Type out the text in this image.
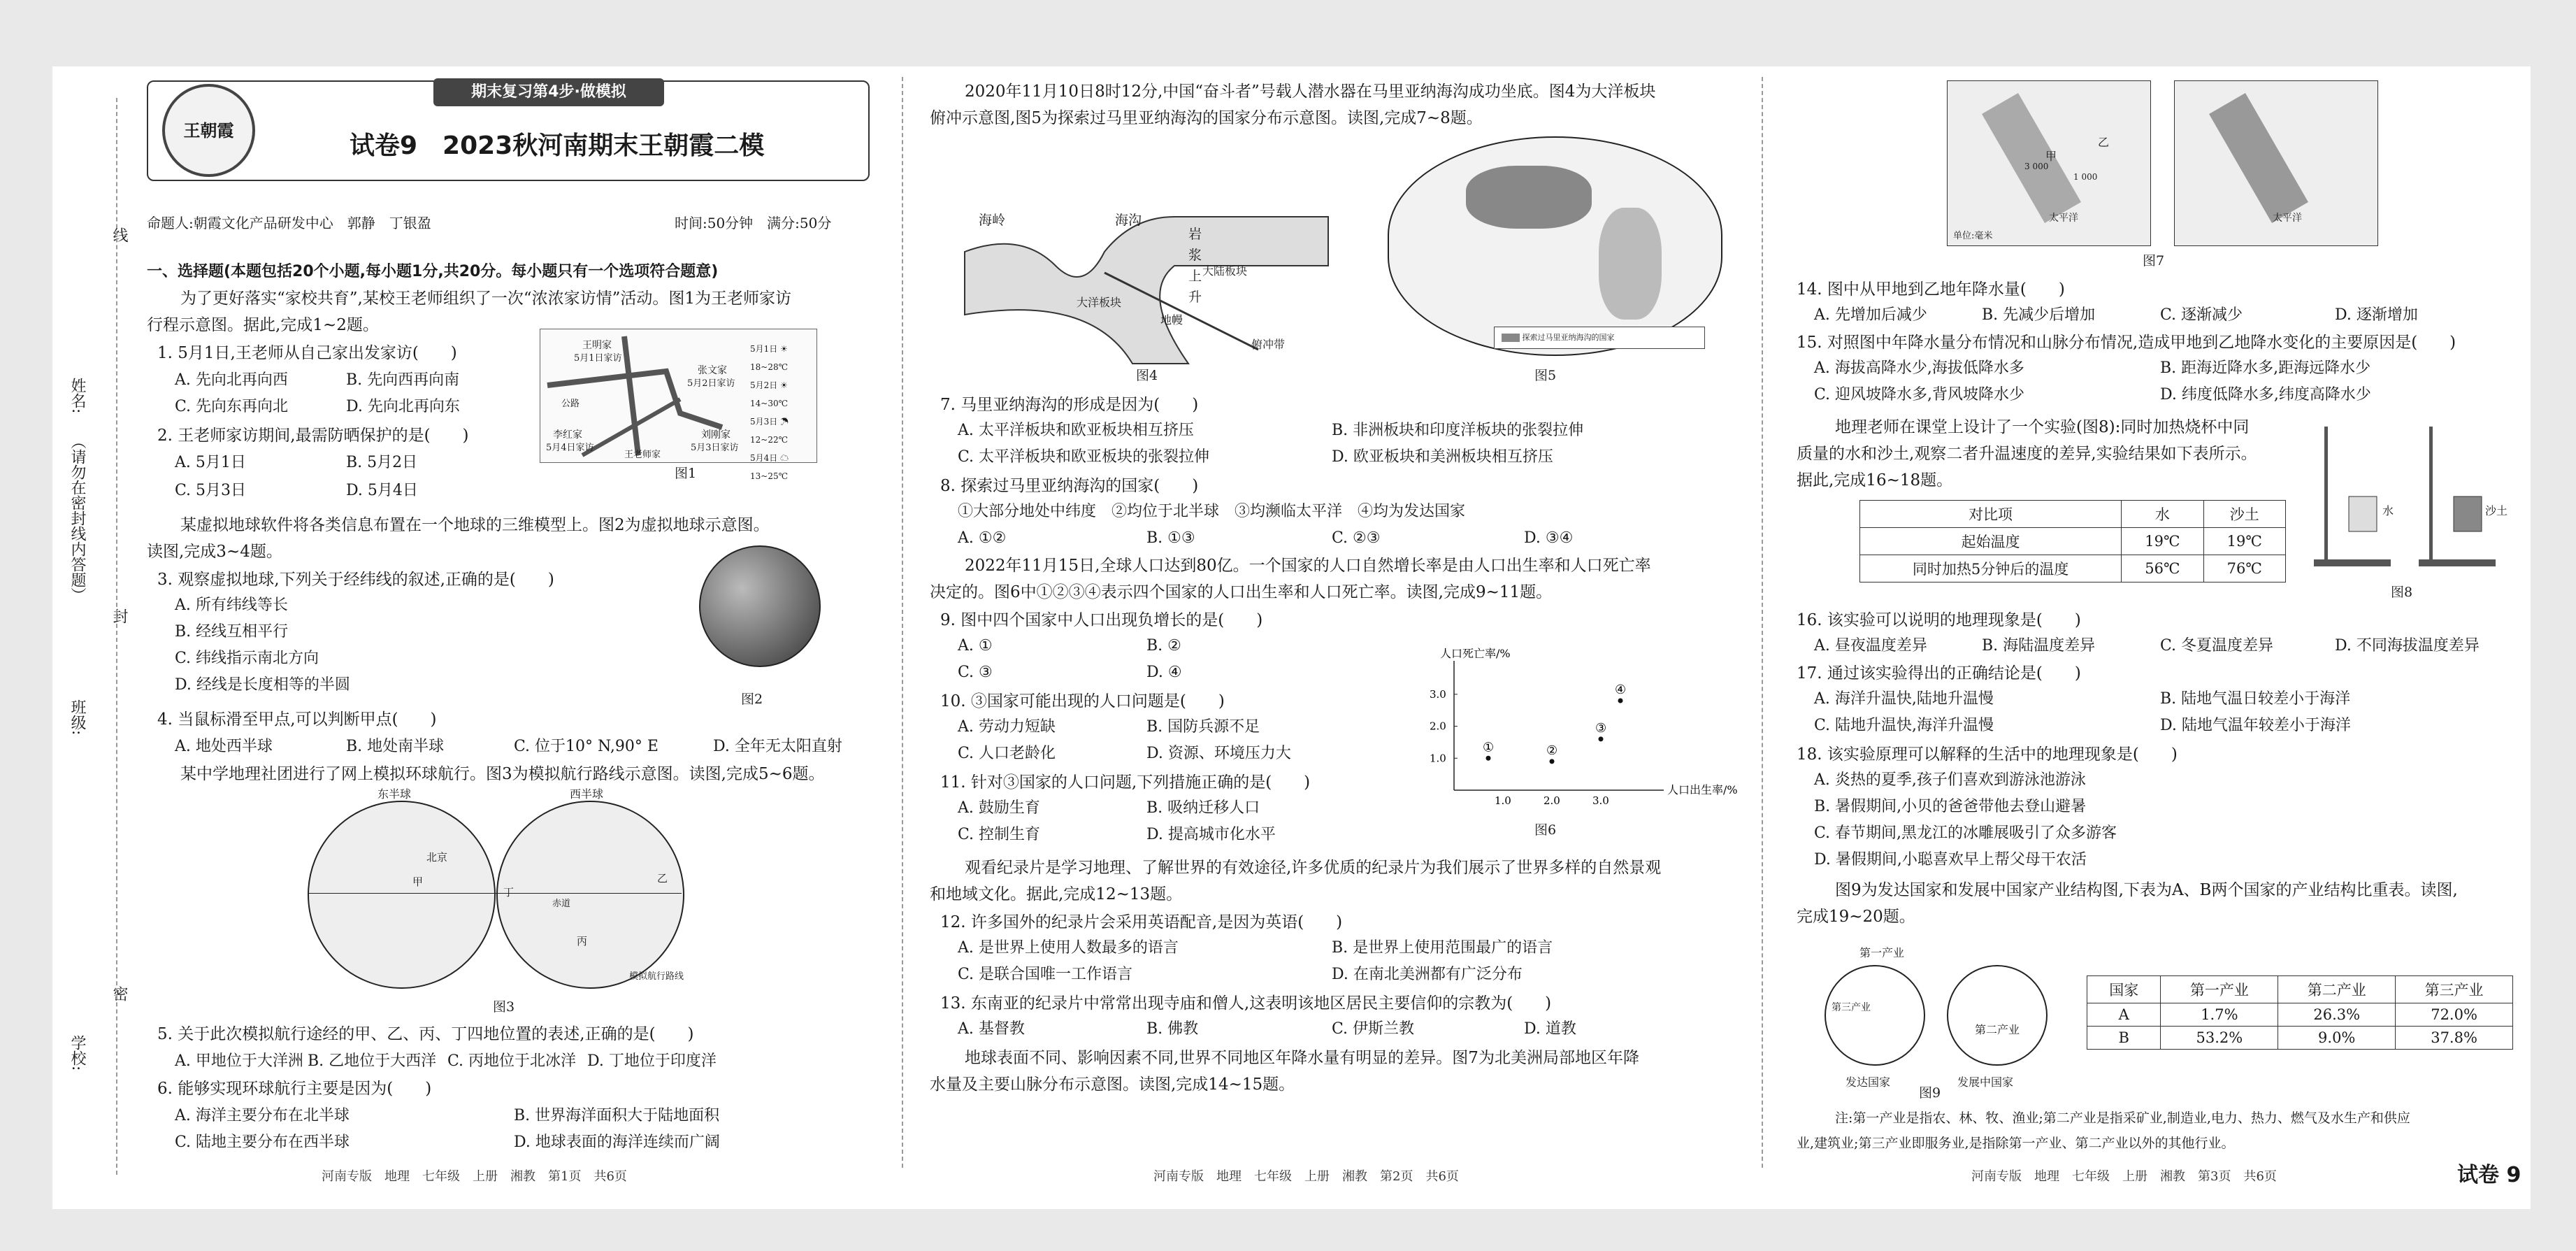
姓名:
（请勿在密封线内答题）
班级:
学校:
线
封
密
王朝霞
期末复习第4步·做模拟
试卷9　2023秋河南期末王朝霞二模
命题人:朝霞文化产品研发中心　郭静　丁银盈	时间:50分钟　满分:50分
一、选择题(本题包括20个小题,每小题1分,共20分。每小题只有一个选项符合题意)
为了更好落实“家校共育”,某校王老师组织了一次“浓浓家访情”活动。图1为王老师家访
行程示意图。据此,完成1~2题。
1. 5月1日,王老师从自己家出发家访(　　)
A. 先向北再向西	B. 先向西再向南
C. 先向东再向北	D. 先向北再向东
2. 王老师家访期间,最需防晒保护的是(　　)
A. 5月1日	B. 5月2日
C. 5月3日	D. 5月4日
王明家
5月1日家访
张文家
5月2日家访
公路
李红家
5月4日家访
刘刚家
5月3日家访
王老师家
5月1日 ☀ 18~28℃
5月2日 ☀ 14~30℃
5月3日 ☂ 12~22℃
5月4日 ☁ 13~25℃
图1
某虚拟地球软件将各类信息布置在一个地球的三维模型上。图2为虚拟地球示意图。
读图,完成3~4题。
3. 观察虚拟地球,下列关于经纬线的叙述,正确的是(　　)
A. 所有纬线等长
B. 经线互相平行
C. 纬线指示南北方向
D. 经线是长度相等的半圆
图2
4. 当鼠标滑至甲点,可以判断甲点(　　)
A. 地处西半球	B. 地处南半球	C. 位于10° N,90° E	D. 全年无太阳直射
某中学地理社团进行了网上模拟环球航行。图3为模拟航行路线示意图。读图,完成5~6题。
东半球	西半球
北京
甲	乙
丙
丁
赤道
模拟航行路线
图3
5. 关于此次模拟航行途经的甲、乙、丙、丁四地位置的表述,正确的是(　　)
A. 甲地位于大洋洲 B. 乙地位于大西洋 C. 丙地位于北冰洋 D. 丁地位于印度洋
6. 能够实现环球航行主要是因为(　　)
A. 海洋主要分布在北半球	B. 世界海洋面积大于陆地面积
C. 陆地主要分布在西半球	D. 地球表面的海洋连续而广阔
河南专版　地理　七年级　上册　湘教　第1页　共6页
2020年11月10日8时12分,中国“奋斗者”号载人潜水器在马里亚纳海沟成功坐底。图4为大洋板块
俯冲示意图,图5为探索过马里亚纳海沟的国家分布示意图。读图,完成7~8题。
海岭	海沟
岩
浆
上
升
大陆板块
大洋板块
地幔
俯冲带
图4
探索过马里亚纳海沟的国家
图5
7. 马里亚纳海沟的形成是因为(　　)
A. 太平洋板块和欧亚板块相互挤压	B. 非洲板块和印度洋板块的张裂拉伸
C. 太平洋板块和欧亚板块的张裂拉伸	D. 欧亚板块和美洲板块相互挤压
8. 探索过马里亚纳海沟的国家(　　)
①大部分地处中纬度　②均位于北半球　③均濒临太平洋　④均为发达国家
A. ①②	B. ①③	C. ②③	D. ③④
2022年11月15日,全球人口达到80亿。一个国家的人口自然增长率是由人口出生率和人口死亡率
决定的。图6中①②③④表示四个国家的人口出生率和人口死亡率。读图,完成9~11题。
9. 图中四个国家中人口出现负增长的是(　　)
A. ①	B. ②
C. ③	D. ④
10. ③国家可能出现的人口问题是(　　)
A. 劳动力短缺	B. 国防兵源不足
C. 人口老龄化	D. 资源、环境压力大
11. 针对③国家的人口问题,下列措施正确的是(　　)
A. 鼓励生育	B. 吸纳迁移人口
C. 控制生育	D. 提高城市化水平
人口出生率/%
人口死亡率/%
1.0	2.0	3.0
1.0
2.0
3.0
①	②
③
④
图6
观看纪录片是学习地理、了解世界的有效途径,许多优质的纪录片为我们展示了世界多样的自然景观
和地域文化。据此,完成12~13题。
12. 许多国外的纪录片会采用英语配音,是因为英语(　　)
A. 是世界上使用人数最多的语言	B. 是世界上使用范围最广的语言
C. 是联合国唯一工作语言	D. 在南北美洲都有广泛分布
13. 东南亚的纪录片中常常出现寺庙和僧人,这表明该地区居民主要信仰的宗教为(　　)
A. 基督教	B. 佛教	C. 伊斯兰教	D. 道教
地球表面不同、影响因素不同,世界不同地区年降水量有明显的差异。图7为北美洲局部地区年降
水量及主要山脉分布示意图。读图,完成14~15题。
河南专版　地理　七年级　上册　湘教　第2页　共6页
甲
乙
3 000
1 000
太平洋
单位:毫米
太平洋
图7
14. 图中从甲地到乙地年降水量(　　)
A. 先增加后减少	B. 先减少后增加	C. 逐渐减少	D. 逐渐增加
15. 对照图中年降水量分布情况和山脉分布情况,造成甲地到乙地降水变化的主要原因是(　　)
A. 海拔高降水少,海拔低降水多	B. 距海近降水多,距海远降水少
C. 迎风坡降水多,背风坡降水少	D. 纬度低降水多,纬度高降水少
地理老师在课堂上设计了一个实验(图8):同时加热烧杯中同
质量的水和沙土,观察二者升温速度的差异,实验结果如下表所示。
据此,完成16~18题。
对比项	水	沙土
起始温度	19℃	19℃
同时加热5分钟后的温度	56℃	76℃
水	沙土
图8
16. 该实验可以说明的地理现象是(　　)
A. 昼夜温度差异	B. 海陆温度差异	C. 冬夏温度差异	D. 不同海拔温度差异
17. 通过该实验得出的正确结论是(　　)
A. 海洋升温快,陆地升温慢	B. 陆地气温日较差小于海洋
C. 陆地升温快,海洋升温慢	D. 陆地气温年较差小于海洋
18. 该实验原理可以解释的生活中的地理现象是(　　)
A. 炎热的夏季,孩子们喜欢到游泳池游泳
B. 暑假期间,小贝的爸爸带他去登山避暑
C. 春节期间,黑龙江的冰雕展吸引了众多游客
D. 暑假期间,小聪喜欢早上帮父母干农活
图9为发达国家和发展中国家产业结构图,下表为A、B两个国家的产业结构比重表。读图,
完成19~20题。
第一产业
第二产业
第三产业
发达国家	发展中国家
图9
国家	第一产业	第二产业	第三产业
A	1.7%	26.3%	72.0%
B	53.2%	9.0%	37.8%
注:第一产业是指农、林、牧、渔业;第二产业是指采矿业,制造业,电力、热力、燃气及水生产和供应
业,建筑业;第三产业即服务业,是指除第一产业、第二产业以外的其他行业。
河南专版　地理　七年级　上册　湘教　第3页　共6页	试卷 9
